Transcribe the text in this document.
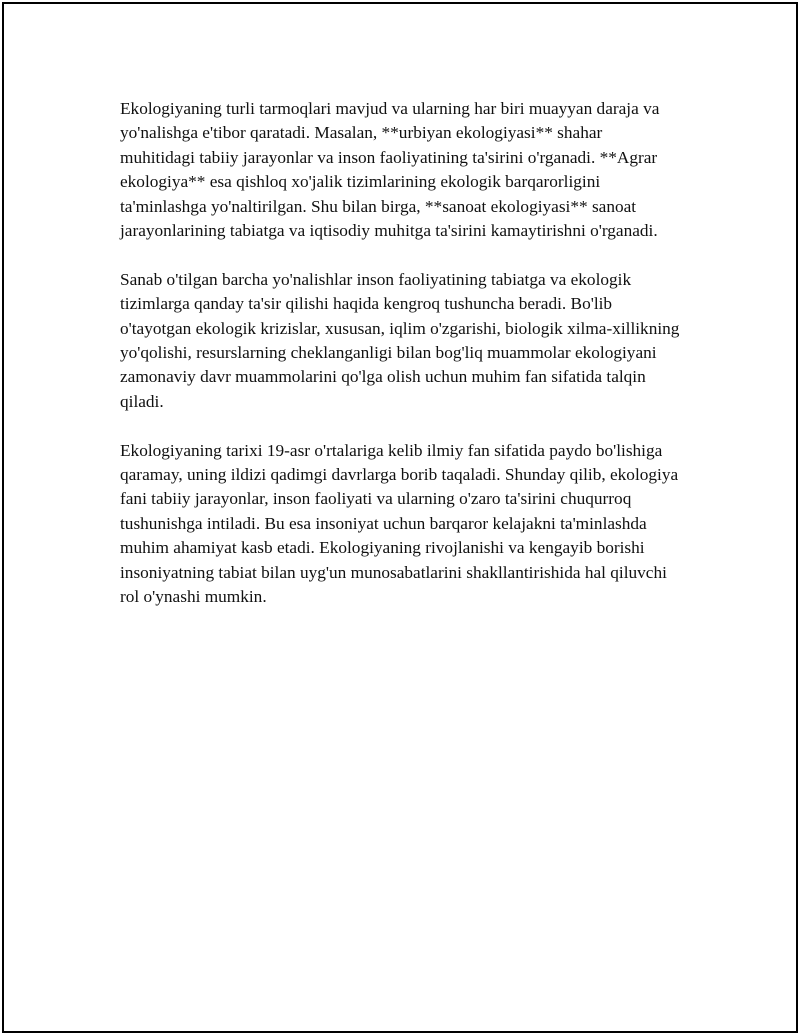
Ekologiyaning turli tarmoqlari mavjud va ularning har biri muayyan daraja va yo'nalishga e'tibor qaratadi. Masalan, **urbiyan ekologiyasi** shahar muhitidagi tabiiy jarayonlar va inson faoliyatining ta'sirini o'rganadi. **Agrar ekologiya** esa qishloq xo'jalik tizimlarining ekologik barqarorligini ta'minlashga yo'naltirilgan. Shu bilan birga, **sanoat ekologiyasi** sanoat jarayonlarining tabiatga va iqtisodiy muhitga ta'sirini kamaytirishni o'rganadi.

Sanab o'tilgan barcha yo'nalishlar inson faoliyatining tabiatga va ekologik tizimlarga qanday ta'sir qilishi haqida kengroq tushuncha beradi. Bo'lib o'tayotgan ekologik krizislar, xususan, iqlim o'zgarishi, biologik xilma-xillikning yo'qolishi, resurslarning cheklanganligi bilan bog'liq muammolar ekologiyani zamonaviy davr muammolarini qo'lga olish uchun muhim fan sifatida talqin qiladi.

Ekologiyaning tarixi 19-asr o'rtalariga kelib ilmiy fan sifatida paydo bo'lishiga qaramay, uning ildizi qadimgi davrlarga borib taqaladi. Shunday qilib, ekologiya fani tabiiy jarayonlar, inson faoliyati va ularning o'zaro ta'sirini chuqurroq tushunishga intiladi. Bu esa insoniyat uchun barqaror kelajakni ta'minlashda muhim ahamiyat kasb etadi. Ekologiyaning rivojlanishi va kengayib borishi insoniyatning tabiat bilan uyg'un munosabatlarini shakllantirishida hal qiluvchi rol o'ynashi mumkin.
